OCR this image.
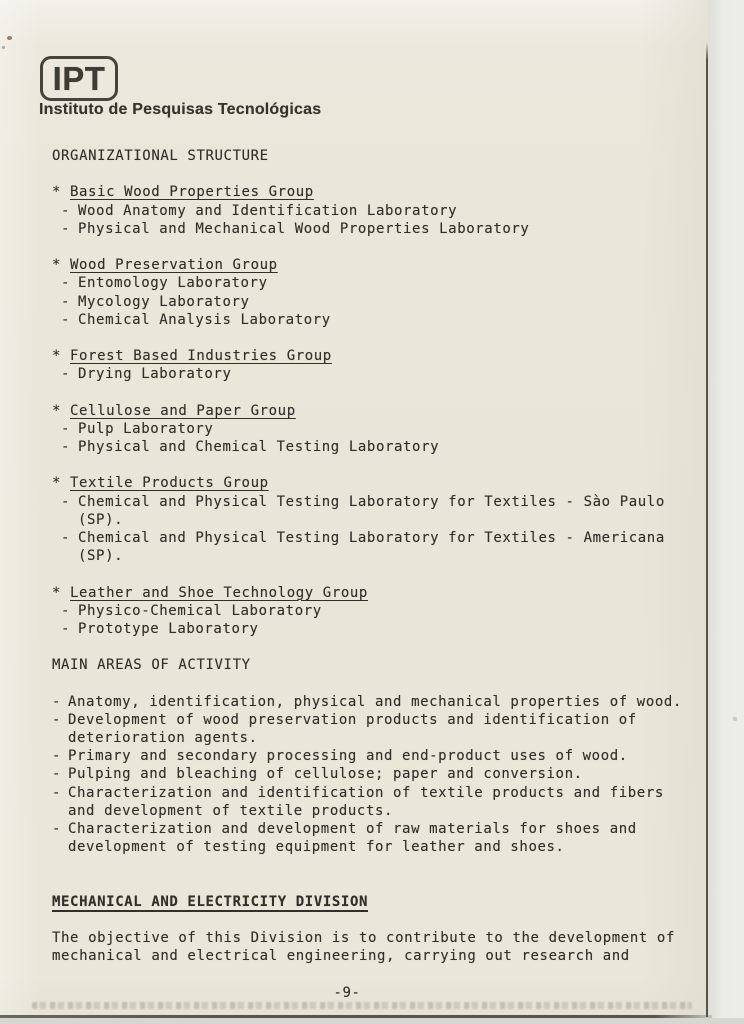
IPT
Instituto de Pesquisas Tecnológicas
ORGANIZATIONAL STRUCTURE
* Basic Wood Properties Group
- Wood Anatomy and Identification Laboratory
- Physical and Mechanical Wood Properties Laboratory
* Wood Preservation Group
- Entomology Laboratory
- Mycology Laboratory
- Chemical Analysis Laboratory
* Forest Based Industries Group
- Drying Laboratory
* Cellulose and Paper Group
- Pulp Laboratory
- Physical and Chemical Testing Laboratory
* Textile Products Group
- Chemical and Physical Testing Laboratory for Textiles - Sào Paulo
(SP).
- Chemical and Physical Testing Laboratory for Textiles - Americana
(SP).
* Leather and Shoe Technology Group
- Physico-Chemical Laboratory
- Prototype Laboratory
MAIN AREAS OF ACTIVITY
- Anatomy, identification, physical and mechanical properties of wood.
- Development of wood preservation products and identification of
deterioration agents.
- Primary and secondary processing and end-product uses of wood.
- Pulping and bleaching of cellulose; paper and conversion.
- Characterization and identification of textile products and fibers
and development of textile products.
- Characterization and development of raw materials for shoes and
development of testing equipment for leather and shoes.
MECHANICAL AND ELECTRICITY DIVISION
The objective of this Division is to contribute to the development of
mechanical and electrical engineering, carrying out research and
-9-
